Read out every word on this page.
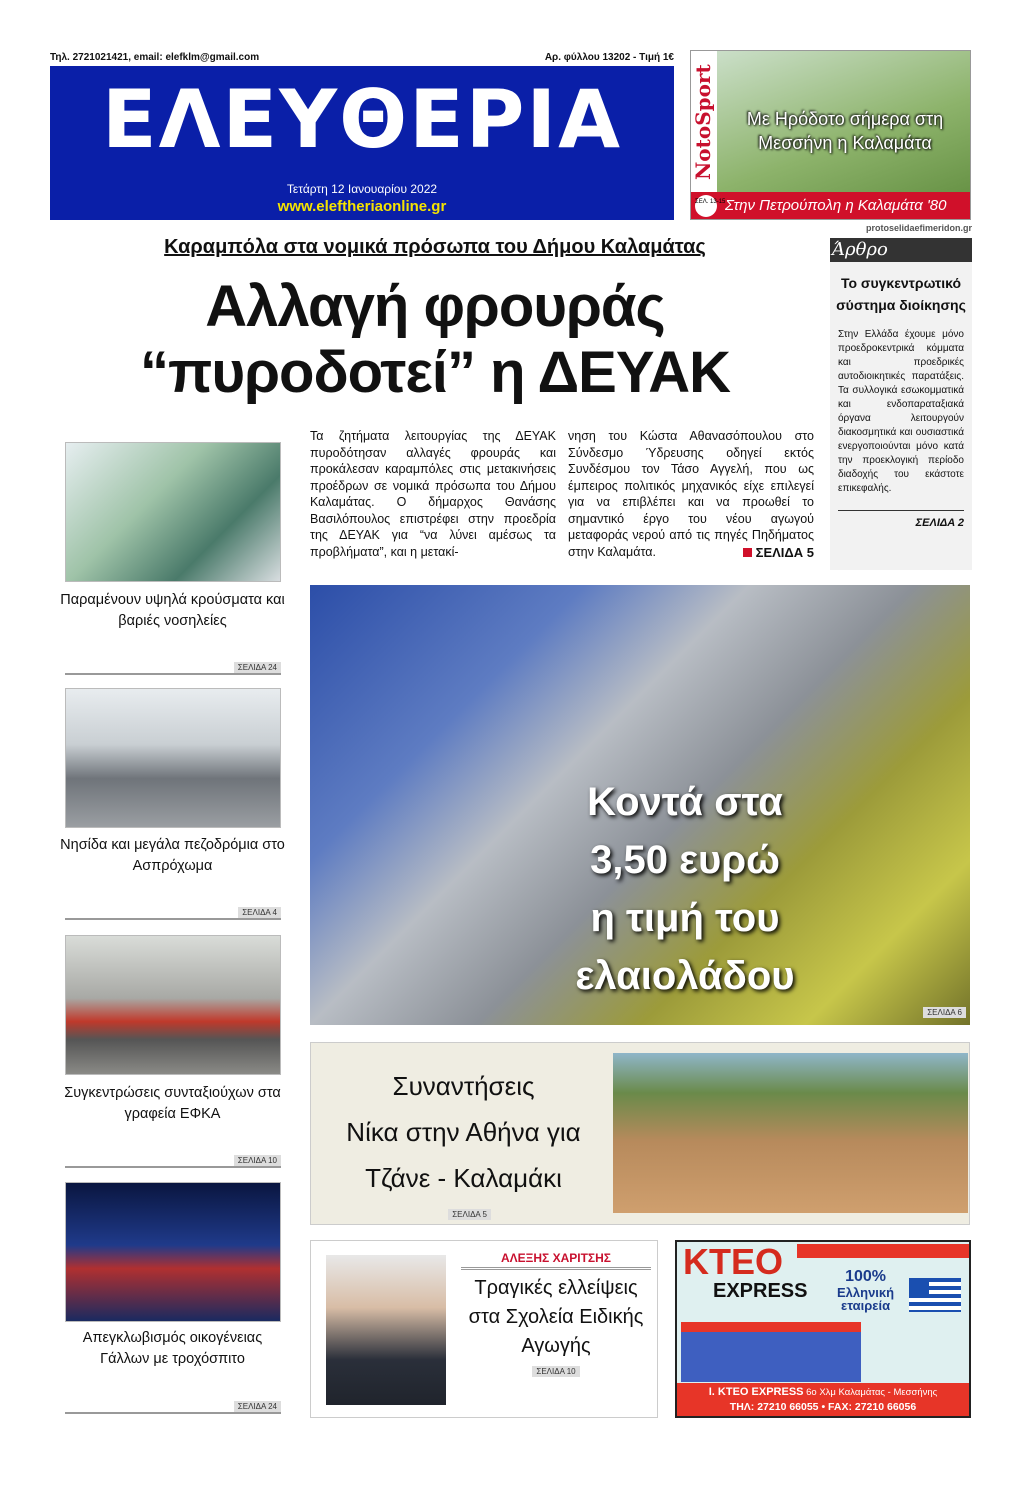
Τηλ. 2721021421, email: elefklm@gmail.com	Αρ. φύλλου 13202 - Τιμή 1€
ΕΛΕΥΘΕΡΙΑ
Τετάρτη 12 Ιανουαρίου 2022
www.eleftheriaonline.gr
NotoSport	Με Ηρόδοτο σήμερα στη Μεσσήνη η Καλαμάτα
ΣΕΛ. 13-15 Στην Πετρούπολη η Καλαμάτα '80
Καραμπόλα στα νομικά πρόσωπα του Δήμου Καλαμάτας
Αλλαγή φρουράς
“πυροδοτεί” η ΔΕΥΑΚ
Τα ζητήματα λειτουργίας της ΔΕΥΑΚ πυροδότησαν αλλαγές φρουράς και προκάλεσαν καραμπόλες στις μετακινήσεις προέδρων σε νομικά πρόσωπα του Δήμου Καλαμάτας. Ο δήμαρχος Θανάσης Βασιλόπουλος επιστρέφει στην προεδρία της ΔΕΥΑΚ για “να λύνει αμέσως τα προβλήματα”, και η μετακί-
νηση του Κώστα Αθανασόπουλου στο Σύνδεσμο Ύδρευσης οδηγεί εκτός Συνδέσμου τον Τάσο Αγγελή, που ως έμπειρος πολιτικός μηχανικός είχε επιλεγεί για να επιβλέπει και να προωθεί το σημαντικό έργο του νέου αγωγού μεταφοράς νερού από τις πηγές Πηδήματος στην Καλαμάτα.	ΣΕΛΙΔΑ 5
protoselidaefimeridon.gr
Άρθρο
Το συγκεντρωτικό σύστημα διοίκησης
Στην Ελλάδα έχουμε μόνο προεδροκεντρικά κόμματα και προεδρικές αυτοδιοικητικές παρατάξεις. Τα συλλογικά εσωκομματικά και ενδοπαραταξιακά όργανα λειτουργούν διακοσμητικά και ουσιαστικά ενεργοποιούνται μόνο κατά την προεκλογική περίοδο διαδοχής του εκάστοτε επικεφαλής.
ΣΕΛΙΔΑ 2
Παραμένουν υψηλά κρούσματα και βαριές νοσηλείες
ΣΕΛΙΔΑ 24
Νησίδα και μεγάλα πεζοδρόμια στο Ασπρόχωμα
ΣΕΛΙΔΑ 4
Συγκεντρώσεις συνταξιούχων στα γραφεία ΕΦΚΑ
ΣΕΛΙΔΑ 10
Απεγκλωβισμός οικογένειας Γάλλων με τροχόσπιτο
ΣΕΛΙΔΑ 24
Κοντά στα
3,50 ευρώ
η τιμή του
ελαιολάδου
ΣΕΛΙΔΑ 6
Συναντήσεις
Νίκα στην Αθήνα για
Τζάνε - Καλαμάκι
ΣΕΛΙΔΑ 5
ΑΛΕΞΗΣ ΧΑΡΙΤΣΗΣ
Τραγικές ελλείψεις στα Σχολεία Ειδικής Αγωγής
ΣΕΛΙΔΑ 10
KTEO
EXPRESS
100%
Ελληνική
εταιρεία
Ι. ΚΤΕΟ EXPRESS 6ο Χλμ Καλαμάτας - Μεσσήνης
ΤΗΛ: 27210 66055 • FAX: 27210 66056
